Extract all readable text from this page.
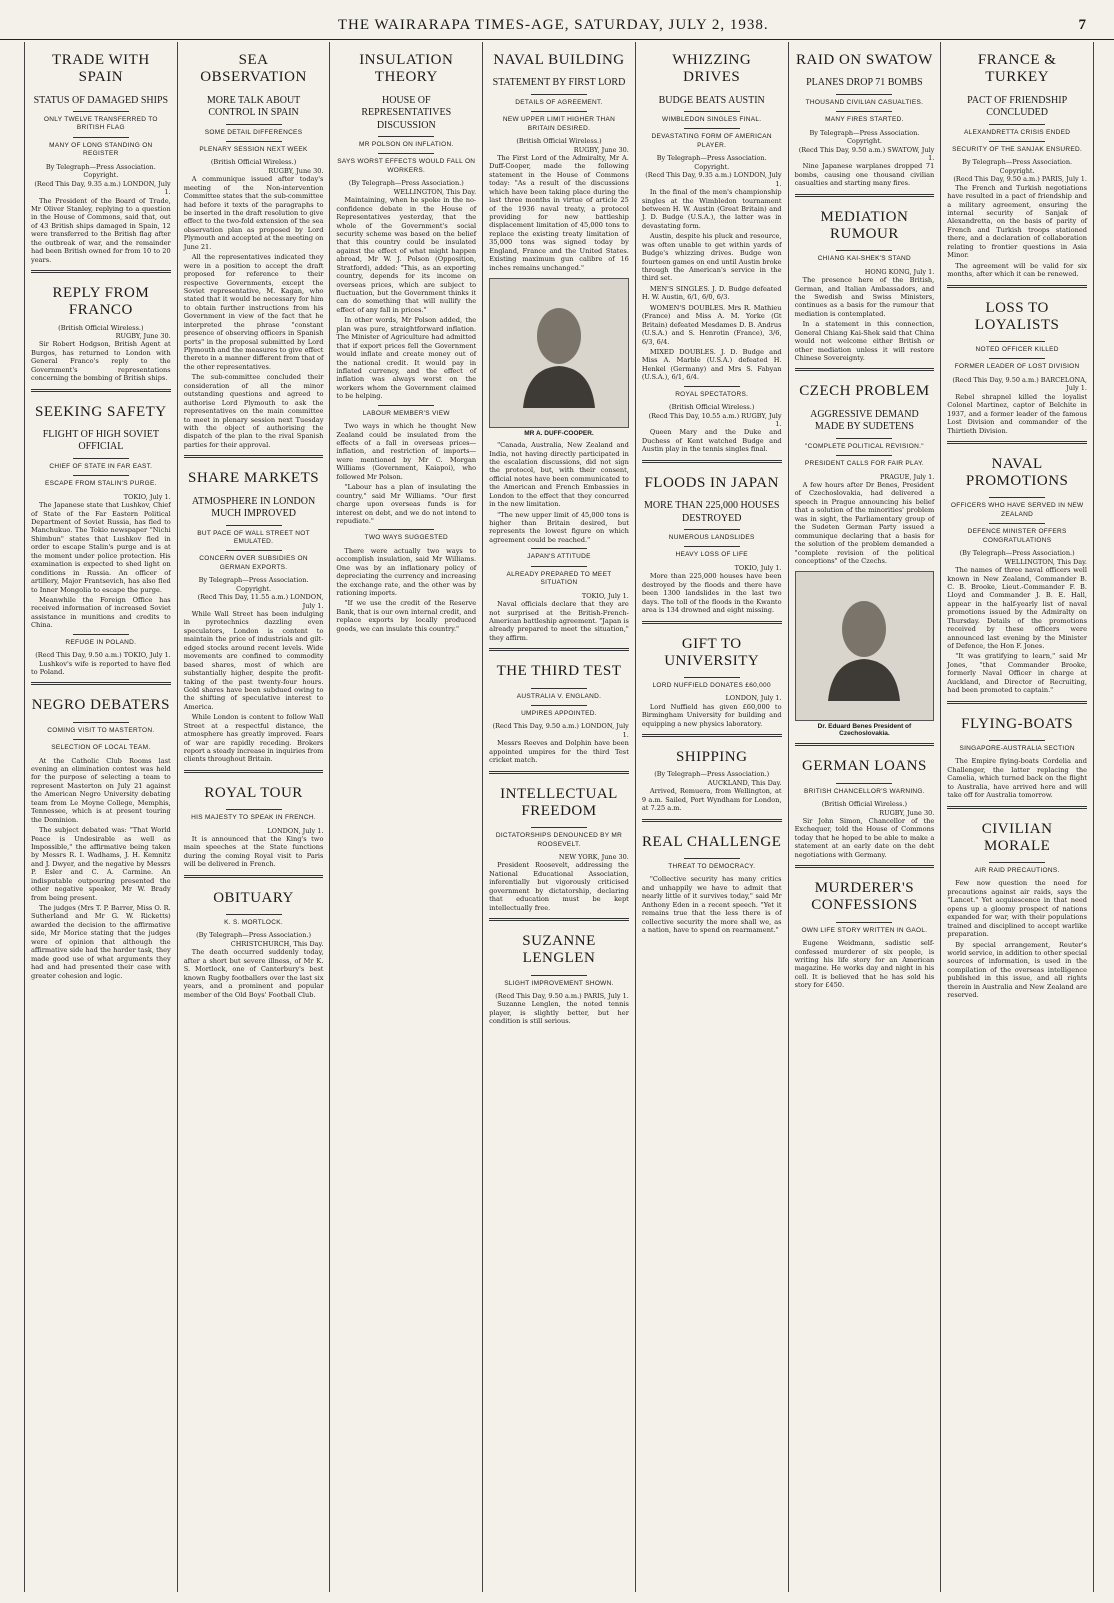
THE WAIRARAPA TIMES-AGE, SATURDAY, JULY 2, 1938.	7
TRADE WITH SPAIN
STATUS OF DAMAGED SHIPS
ONLY TWELVE TRANSFERRED TO BRITISH FLAG
MANY OF LONG STANDING ON REGISTER
By Telegraph—Press Association. Copyright.
(Recd This Day, 9.35 a.m.) LONDON, July 1.

The President of the Board of Trade, Mr Oliver Stanley, replying to a question in the House of Commons, said that, out of 43 British ships damaged in Spain, 12 were transferred to the British flag after the outbreak of war, and the remainder had been British owned for from 10 to 20 years.

REPLY FROM FRANCO
(British Official Wireless.)
RUGBY, June 30.

Sir Robert Hodgson, British Agent at Burgos, has returned to London with General Franco's reply to the Government's representations concerning the bombing of British ships.

SEEKING SAFETY
FLIGHT OF HIGH SOVIET OFFICIAL
CHIEF OF STATE IN FAR EAST.
ESCAPE FROM STALIN'S PURGE.
TOKIO, July 1.

The Japanese state that Lushkov, Chief of State of the Far Eastern Political Department of Soviet Russia, has fled to Manchukuo. The Tokio newspaper "Nichi Shimbun" states that Lushkov fled in order to escape Stalin's purge and is at the moment under police protection. His examination is expected to shed light on conditions in Russia. An officer of artillery, Major Frantsevich, has also fled to Inner Mongolia to escape the purge.

Meanwhile the Foreign Office has received information of increased Soviet assistance in munitions and credits to China.

REFUGE IN POLAND.
(Recd This Day, 9.50 a.m.) TOKIO, July 1.

Lushkov's wife is reported to have fled to Poland.

NEGRO DEBATERS
COMING VISIT TO MASTERTON.
SELECTION OF LOCAL TEAM.

At the Catholic Club Rooms last evening an elimination contest was held for the purpose of selecting a team to represent Masterton on July 21 against the American Negro University debating team from Le Moyne College, Memphis, Tennessee, which is at present touring the Dominion.

The subject debated was: "That World Peace is Undesirable as well as Impossible," the affirmative being taken by Messrs R. I. Wadhams, J. H. Kemnitz and J. Dwyer, and the negative by Messrs P. Esler and C. A. Carmine. An indisputable outpouring presented the other negative speaker, Mr W. Brady from being present.

The judges (Mrs T. P. Barrer, Miss O. R. Sutherland and Mr G. W. Ricketts) awarded the decision to the affirmative side, Mr Morice stating that the judges were of opinion that although the affirmative side had the harder task, they made good use of what arguments they had and had presented their case with greater cohesion and logic.

SEA OBSERVATION
MORE TALK ABOUT CONTROL IN SPAIN
SOME DETAIL DIFFERENCES
PLENARY SESSION NEXT WEEK
(British Official Wireless.)
RUGBY, June 30.

A communique issued after today's meeting of the Non-intervention Committee states that the sub-committee had before it texts of the paragraphs to be inserted in the draft resolution to give effect to the two-fold extension of the sea observation plan as proposed by Lord Plymouth and accepted at the meeting on June 21.

All the representatives indicated they were in a position to accept the draft proposed for reference to their respective Governments, except the Soviet representative, M. Kagan, who stated that it would be necessary for him to obtain further instructions from his Government in view of the fact that he interpreted the phrase "constant presence of observing officers in Spanish ports" in the proposal submitted by Lord Plymouth and the measures to give effect thereto in a manner different from that of the other representatives.

The sub-committee concluded their consideration of all the minor outstanding questions and agreed to authorise Lord Plymouth to ask the representatives on the main committee to meet in plenary session next Tuesday with the object of authorising the dispatch of the plan to the rival Spanish parties for their approval.

SHARE MARKETS
ATMOSPHERE IN LONDON MUCH IMPROVED
BUT PACE OF WALL STREET NOT EMULATED.
CONCERN OVER SUBSIDIES ON GERMAN EXPORTS.
By Telegraph—Press Association. Copyright.
(Recd This Day, 11.55 a.m.) LONDON, July 1.

While Wall Street has been indulging in pyrotechnics dazzling even speculators, London is content to maintain the price of industrials and gilt-edged stocks around recent levels. Wide movements are confined to commodity based shares, most of which are substantially higher, despite the profit-taking of the past twenty-four hours. Gold shares have been subdued owing to the shifting of speculative interest to America.

While London is content to follow Wall Street at a respectful distance, the atmosphere has greatly improved. Fears of war are rapidly receding. Brokers report a steady increase in inquiries from clients throughout Britain.

ROYAL TOUR
HIS MAJESTY TO SPEAK IN FRENCH.
LONDON, July 1.

It is announced that the King's two main speeches at the State functions during the coming Royal visit to Paris will be delivered in French.

OBITUARY
K. S. MORTLOCK.
(By Telegraph—Press Association.)
CHRISTCHURCH, This Day.

The death occurred suddenly today, after a short but severe illness, of Mr K. S. Mortlock, one of Canterbury's best known Rugby footballers over the last six years, and a prominent and popular member of the Old Boys' Football Club.

INSULATION THEORY
HOUSE OF REPRESENTATIVES DISCUSSION
MR POLSON ON INFLATION.
SAYS WORST EFFECTS WOULD FALL ON WORKERS.
(By Telegraph—Press Association.)
WELLINGTON, This Day.

Maintaining, when he spoke in the no-confidence debate in the House of Representatives yesterday, that the whole of the Government's social security scheme was based on the belief that this country could be insulated against the effect of what might happen abroad, Mr W. J. Polson (Opposition, Stratford), added: "This, as an exporting country, depends for its income on overseas prices, which are subject to fluctuation, but the Government thinks it can do something that will nullify the effect of any fall in prices."

In other words, Mr Polson added, the plan was pure, straightforward inflation. The Minister of Agriculture had admitted that if export prices fell the Government would inflate and create money out of the national credit. It would pay in inflated currency, and the effect of inflation was always worst on the workers whom the Government claimed to be helping.

LABOUR MEMBER'S VIEW

Two ways in which he thought New Zealand could be insulated from the effects of a fall in overseas prices—inflation, and restriction of imports—were mentioned by Mr C. Morgan Williams (Government, Kaiapoi), who followed Mr Polson.

"Labour has a plan of insulating the country," said Mr Williams. "Our first charge upon overseas funds is for interest on debt, and we do not intend to repudiate."

TWO WAYS SUGGESTED

There were actually two ways to accomplish insulation, said Mr Williams. One was by an inflationary policy of depreciating the currency and increasing the exchange rate, and the other was by rationing imports.

"If we use the credit of the Reserve Bank, that is our own internal credit, and replace exports by locally produced goods, we can insulate this country."

NAVAL BUILDING
STATEMENT BY FIRST LORD
DETAILS OF AGREEMENT.
NEW UPPER LIMIT HIGHER THAN BRITAIN DESIRED.
(British Official Wireless.)
RUGBY, June 30.

The First Lord of the Admiralty, Mr A. Duff-Cooper, made the following statement in the House of Commons today: "As a result of the discussions which have been taking place during the last three months in virtue of article 25 of the 1936 naval treaty, a protocol providing for new battleship displacement limitation of 45,000 tons to replace the existing treaty limitation of 35,000 tons was signed today by England, France and the United States. Existing maximum gun calibre of 16 inches remains unchanged."

MR A. DUFF-COOPER.

"Canada, Australia, New Zealand and India, not having directly participated in the escalation discussions, did not sign the protocol, but, with their consent, official notes have been communicated to the American and French Embassies in London to the effect that they concurred in the new limitation.

"The new upper limit of 45,000 tons is higher than Britain desired, but represents the lowest figure on which agreement could be reached."

JAPAN'S ATTITUDE
ALREADY PREPARED TO MEET SITUATION
TOKIO, July 1.

Naval officials declare that they are not surprised at the British-French-American battleship agreement. "Japan is already prepared to meet the situation," they affirm.

THE THIRD TEST
AUSTRALIA V. ENGLAND.
UMPIRES APPOINTED.
(Recd This Day, 9.50 a.m.) LONDON, July 1.

Messrs Reeves and Dolphin have been appointed umpires for the third Test cricket match.

INTELLECTUAL FREEDOM
DICTATORSHIPS DENOUNCED BY MR ROOSEVELT.
NEW YORK, June 30.

President Roosevelt, addressing the National Educational Association, inferentially but vigorously criticised government by dictatorship, declaring that education must be kept intellectually free.

SUZANNE LENGLEN
SLIGHT IMPROVEMENT SHOWN.
(Recd This Day, 9.50 a.m.) PARIS, July 1.

Suzanne Lenglen, the noted tennis player, is slightly better, but her condition is still serious.

WHIZZING DRIVES
BUDGE BEATS AUSTIN
WIMBLEDON SINGLES FINAL.
DEVASTATING FORM OF AMERICAN PLAYER.
By Telegraph—Press Association. Copyright.
(Recd This Day, 9.35 a.m.) LONDON, July 1.

In the final of the men's championship singles at the Wimbledon tournament between H. W. Austin (Great Britain) and J. D. Budge (U.S.A.), the latter was in devastating form.

Austin, despite his pluck and resource, was often unable to get within yards of Budge's whizzing drives. Budge won fourteen games on end until Austin broke through the American's service in the third set.

MEN'S SINGLES. J. D. Budge defeated H. W. Austin, 6/1, 6/0, 6/3.

WOMEN'S DOUBLES. Mrs R. Mathieu (France) and Miss A. M. Yorke (Gt Britain) defeated Mesdames D. B. Andrus (U.S.A.) and S. Henrotin (France), 3/6, 6/3, 6/4.

MIXED DOUBLES. J. D. Budge and Miss A. Marble (U.S.A.) defeated H. Henkel (Germany) and Mrs S. Fabyan (U.S.A.), 6/1, 6/4.

ROYAL SPECTATORS.
(British Official Wireless.)
(Recd This Day, 10.55 a.m.) RUGBY, July 1.

Queen Mary and the Duke and Duchess of Kent watched Budge and Austin play in the tennis singles final.

FLOODS IN JAPAN
MORE THAN 225,000 HOUSES DESTROYED
NUMEROUS LANDSLIDES
HEAVY LOSS OF LIFE
TOKIO, July 1.

More than 225,000 houses have been destroyed by the floods and there have been 1300 landslides in the last two days. The toll of the floods in the Kwanto area is 134 drowned and eight missing.

GIFT TO UNIVERSITY
LORD NUFFIELD DONATES £60,000
LONDON, July 1.

Lord Nuffield has given £60,000 to Birmingham University for building and equipping a new physics laboratory.

SHIPPING
(By Telegraph—Press Association.)
AUCKLAND, This Day.

Arrived, Remuera, from Wellington, at 9 a.m. Sailed, Port Wyndham for London, at 7.25 a.m.

REAL CHALLENGE
THREAT TO DEMOCRACY.

"Collective security has many critics and unhappily we have to admit that nearly little of it survives today," said Mr Anthony Eden in a recent speech. "Yet it remains true that the less there is of collective security the more shall we, as a nation, have to spend on rearmament."

RAID ON SWATOW
PLANES DROP 71 BOMBS
THOUSAND CIVILIAN CASUALTIES.
MANY FIRES STARTED.
By Telegraph—Press Association. Copyright.
(Recd This Day, 9.50 a.m.) SWATOW, July 1.

Nine Japanese warplanes dropped 71 bombs, causing one thousand civilian casualties and starting many fires.

MEDIATION RUMOUR
CHIANG KAI-SHEK'S STAND
HONG KONG, July 1.

The presence here of the British, German, and Italian Ambassadors, and the Swedish and Swiss Ministers, continues as a basis for the rumour that mediation is contemplated.

In a statement in this connection, General Chiang Kai-Shek said that China would not welcome either British or other mediation unless it will restore Chinese Sovereignty.

CZECH PROBLEM
AGGRESSIVE DEMAND MADE BY SUDETENS
"COMPLETE POLITICAL REVISION."
PRESIDENT CALLS FOR FAIR PLAY.
PRAGUE, July 1.

A few hours after Dr Benes, President of Czechoslovakia, had delivered a speech in Prague announcing his belief that a solution of the minorities' problem was in sight, the Parliamentary group of the Sudeten German Party issued a communique declaring that a basis for the solution of the problem demanded a "complete revision of the political conceptions" of the Czechs.

Dr. Eduard Benes President of Czechoslovakia.
GERMAN LOANS
BRITISH CHANCELLOR'S WARNING.
(British Official Wireless.)
RUGBY, June 30.

Sir John Simon, Chancellor of the Exchequer, told the House of Commons today that he hoped to be able to make a statement at an early date on the debt negotiations with Germany.

MURDERER'S CONFESSIONS
OWN LIFE STORY WRITTEN IN GAOL.

Eugene Weidmann, sadistic self-confessed murderer of six people, is writing his life story for an American magazine. He works day and night in his cell. It is believed that he has sold his story for £450.

FRANCE & TURKEY
PACT OF FRIENDSHIP CONCLUDED
ALEXANDRETTA CRISIS ENDED
SECURITY OF THE SANJAK ENSURED.
By Telegraph—Press Association. Copyright.
(Recd This Day, 9.50 a.m.) PARIS, July 1.

The French and Turkish negotiations have resulted in a pact of friendship and a military agreement, ensuring the internal security of Sanjak of Alexandretta, on the basis of parity of French and Turkish troops stationed there, and a declaration of collaboration relating to frontier questions in Asia Minor.

The agreement will be valid for six months, after which it can be renewed.

LOSS TO LOYALISTS
NOTED OFFICER KILLED
FORMER LEADER OF LOST DIVISION
(Recd This Day, 9.50 a.m.) BARCELONA, July 1.

Rebel shrapnel killed the loyalist Colonel Martinez, captor of Belchite in 1937, and a former leader of the famous Lost Division and commander of the Thirtieth Division.

NAVAL PROMOTIONS
OFFICERS WHO HAVE SERVED IN NEW ZEALAND
DEFENCE MINISTER OFFERS CONGRATULATIONS
(By Telegraph—Press Association.)
WELLINGTON, This Day.

The names of three naval officers well known in New Zealand, Commander B. C. B. Brooke, Lieut.-Commander F. B. Lloyd and Commander J. B. E. Hall, appear in the half-yearly list of naval promotions issued by the Admiralty on Thursday. Details of the promotions received by these officers were announced last evening by the Minister of Defence, the Hon F. Jones.

"It was gratifying to learn," said Mr Jones, "that Commander Brooke, formerly Naval Officer in charge at Auckland, and Director of Recruiting, had been promoted to captain."

FLYING-BOATS
SINGAPORE-AUSTRALIA SECTION

The Empire flying-boats Cordelia and Challenger, the latter replacing the Camelia, which turned back on the flight to Australia, have arrived here and will take off for Australia tomorrow.

CIVILIAN MORALE
AIR RAID PRECAUTIONS.

Few now question the need for precautions against air raids, says the "Lancet." Yet acquiescence in that need opens up a gloomy prospect of nations expanded for war, with their populations trained and disciplined to accept warlike preparation.

By special arrangement, Reuter's world service, in addition to other special sources of information, is used in the compilation of the overseas intelligence published in this issue, and all rights therein in Australia and New Zealand are reserved.
